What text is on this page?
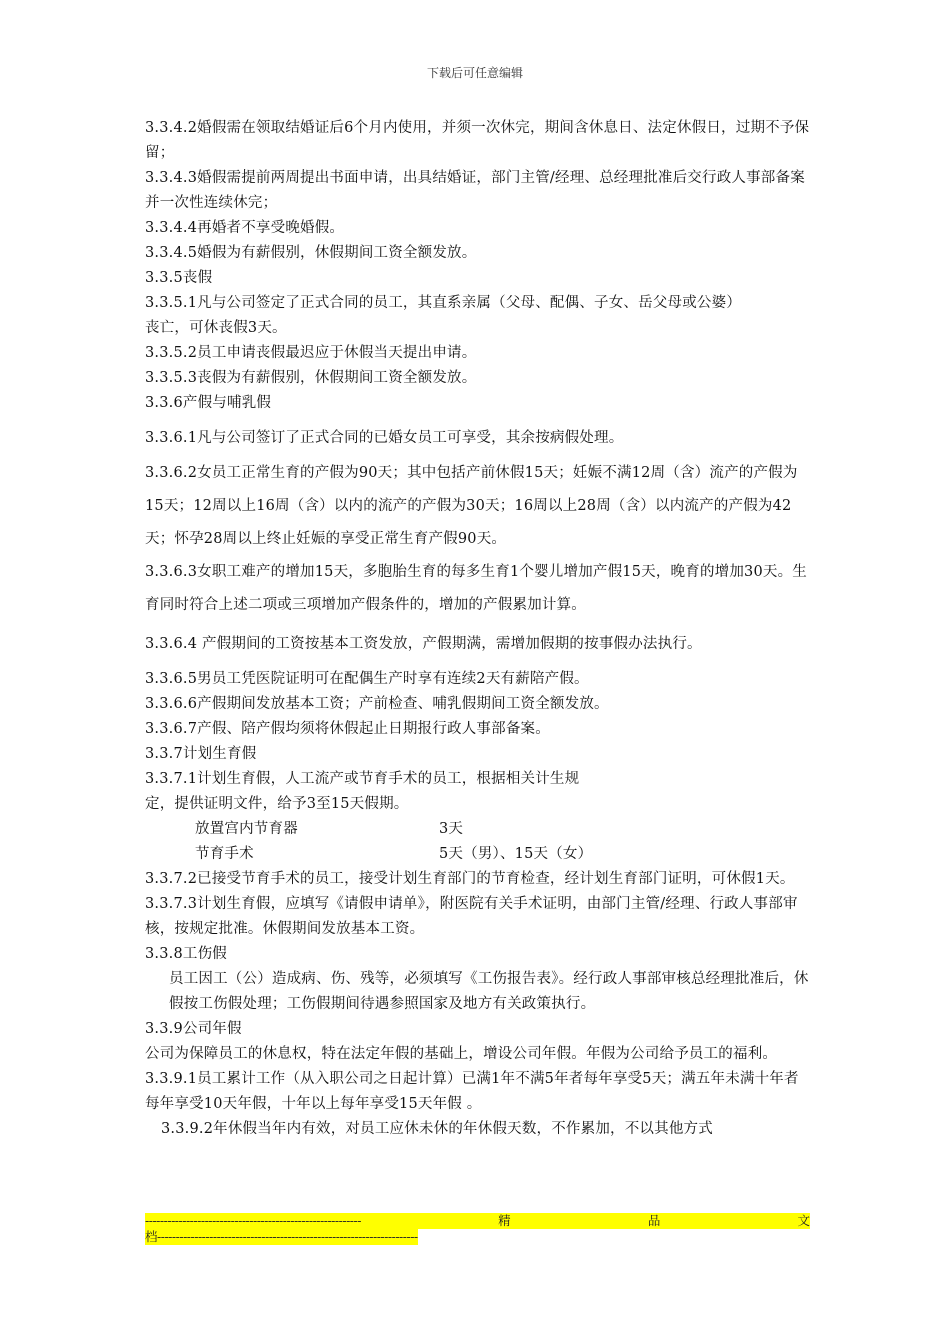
下载后可任意编辑

3.3.4.2婚假需在领取结婚证后6个月内使用，并须一次休完，期间含休息日、法定休假日，过期不予保留；

3.3.4.3婚假需提前两周提出书面申请，出具结婚证，部门主管/经理、总经理批准后交行政人事部备案并一次性连续休完；

3.3.4.4再婚者不享受晚婚假。

3.3.4.5婚假为有薪假别，休假期间工资全额发放。

3.3.5丧假

3.3.5.1凡与公司签定了正式合同的员工，其直系亲属（父母、配偶、子女、岳父母或公婆）

丧亡，可休丧假3天。

3.3.5.2员工申请丧假最迟应于休假当天提出申请。

3.3.5.3丧假为有薪假别，休假期间工资全额发放。

3.3.6产假与哺乳假

3.3.6.1凡与公司签订了正式合同的已婚女员工可享受，其余按病假处理。

3.3.6.2女员工正常生育的产假为90天；其中包括产前休假15天；妊娠不满12周（含）流产的产假为15天；12周以上16周（含）以内的流产的产假为30天；16周以上28周（含）以内流产的产假为42天；怀孕28周以上终止妊娠的享受正常生育产假90天。

3.3.6.3女职工难产的增加15天，多胞胎生育的每多生育1个婴儿增加产假15天，晚育的增加30天。生育同时符合上述二项或三项增加产假条件的，增加的产假累加计算。

3.3.6.4 产假期间的工资按基本工资发放，产假期满，需增加假期的按事假办法执行。

3.3.6.5男员工凭医院证明可在配偶生产时享有连续2天有薪陪产假。

3.3.6.6产假期间发放基本工资；产前检查、哺乳假期间工资全额发放。

3.3.6.7产假、陪产假均须将休假起止日期报行政人事部备案。

3.3.7计划生育假

3.3.7.1计划生育假，人工流产或节育手术的员工，根据相关计生规

定，提供证明文件，给予3至15天假期。

放置宫内节育器	3天
节育手术	5天（男）、15天（女）

3.3.7.2已接受节育手术的员工，接受计划生育部门的节育检查，经计划生育部门证明，可休假1天。

3.3.7.3计划生育假，应填写《请假申请单》，附医院有关手术证明，由部门主管/经理、行政人事部审核，按规定批准。休假期间发放基本工资。

3.3.8工伤假

员工因工（公）造成病、伤、残等，必须填写《工伤报告表》。经行政人事部审核总经理批准后，休假按工伤假处理；工伤假期间待遇参照国家及地方有关政策执行。

3.3.9公司年假

公司为保障员工的休息权，特在法定年假的基础上，增设公司年假。年假为公司给予员工的福利。

3.3.9.1员工累计工作（从入职公司之日起计算）已满1年不满5年者每年享受5天；满五年未满十年者每年享受10天年假，十年以上每年享受15天年假 。

3.3.9.2年休假当年内有效，对员工应休未休的年休假天数，不作累加，不以其他方式

----------------------------------------------------------	精	品	文
档----------------------------------------------------------------------
